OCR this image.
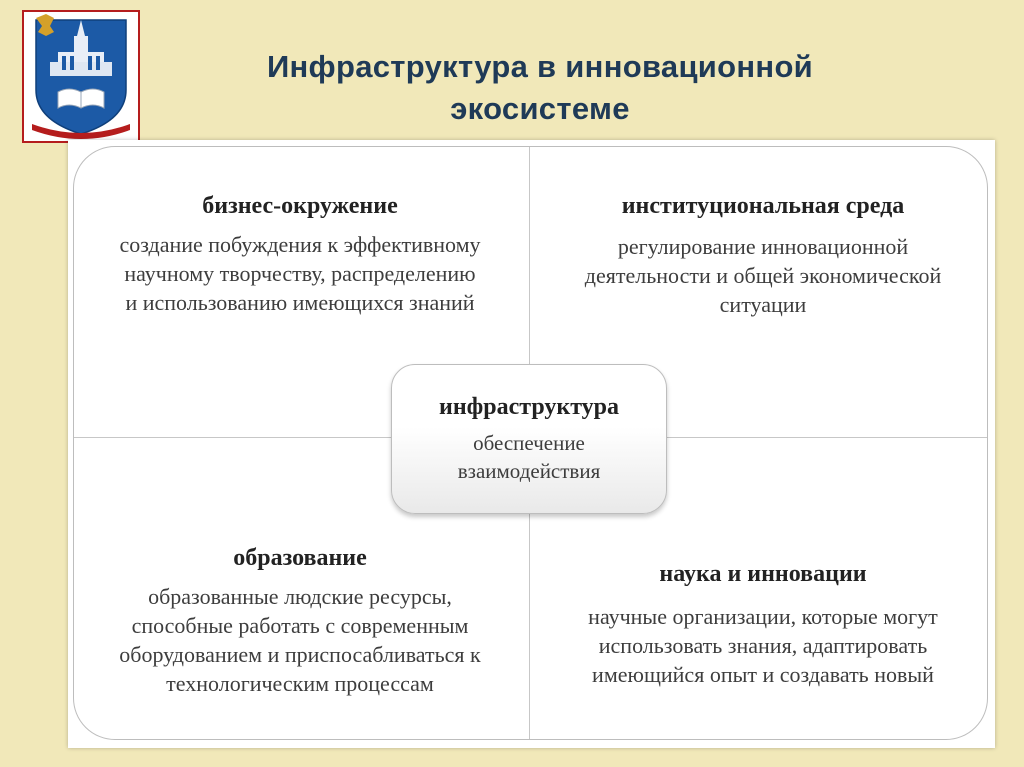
Инфраструктура в инновационной
экосистеме
бизнес-окружение
создание побуждения к эффективному
научному творчеству, распределению
и использованию имеющихся знаний
институциональная среда
регулирование инновационной
деятельности и общей экономической
ситуации
образование
образованные людские ресурсы,
способные работать с современным
оборудованием и приспосабливаться к
технологическим процессам
наука и инновации
научные организации, которые могут
использовать знания, адаптировать
имеющийся опыт и создавать новый
инфраструктура
обеспечение
взаимодействия
